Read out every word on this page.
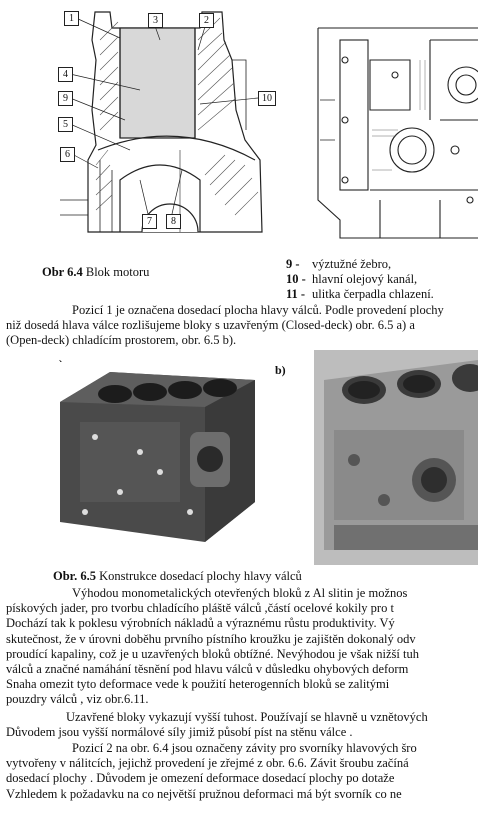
1	3	2
4
9
5
6
7	8
10
Obr 6.4 Blok motoru
9 - výztužné žebro,
10 - hlavní olejový kanál,
11 - ulitka čerpadla chlazení.
Pozicí 1 je označena dosedací plocha hlavy válců. Podle provedení plochy
niž dosedá hlava válce rozlišujeme bloky s uzavřeným (Closed-deck) obr. 6.5 a) a
(Open-deck) chladícím prostorem, obr. 6.5 b).
b)
Obr. 6.5 Konstrukce dosedací plochy hlavy válců
Výhodou monometalických otevřených bloků z Al slitin je možnos
pískových jader, pro tvorbu chladícího pláště válců ,částí ocelové kokily pro t
Dochází tak k poklesu výrobních nákladů a výraznému růstu produktivity. Vý
skutečnost, že v úrovni doběhu prvního pístního kroužku je zajištěn dokonalý odv
proudící kapaliny, což je u uzavřených bloků obtížné. Nevýhodou je však nižší tuh
válců a značné namáhání těsnění pod hlavu válců v důsledku ohybových deform
Snaha omezit tyto deformace vede k použití heterogenních bloků se zalitými
pouzdry válců , viz obr.6.11.
Uzavřené bloky vykazují vyšší tuhost. Používají se hlavně u vznětových
Důvodem jsou vyšší normálové síly jimiž působí píst na stěnu válce .
Pozicí 2 na obr. 6.4 jsou označeny závity pro svorníky hlavových šro
vytvořeny v nálitcích, jejichž provedení je zřejmé z obr. 6.6. Závit šroubu začíná
dosedací plochy . Důvodem je omezení deformace dosedací plochy po dotaže
Vzhledem k požadavku na co největší pružnou deformaci má být svorník co ne
